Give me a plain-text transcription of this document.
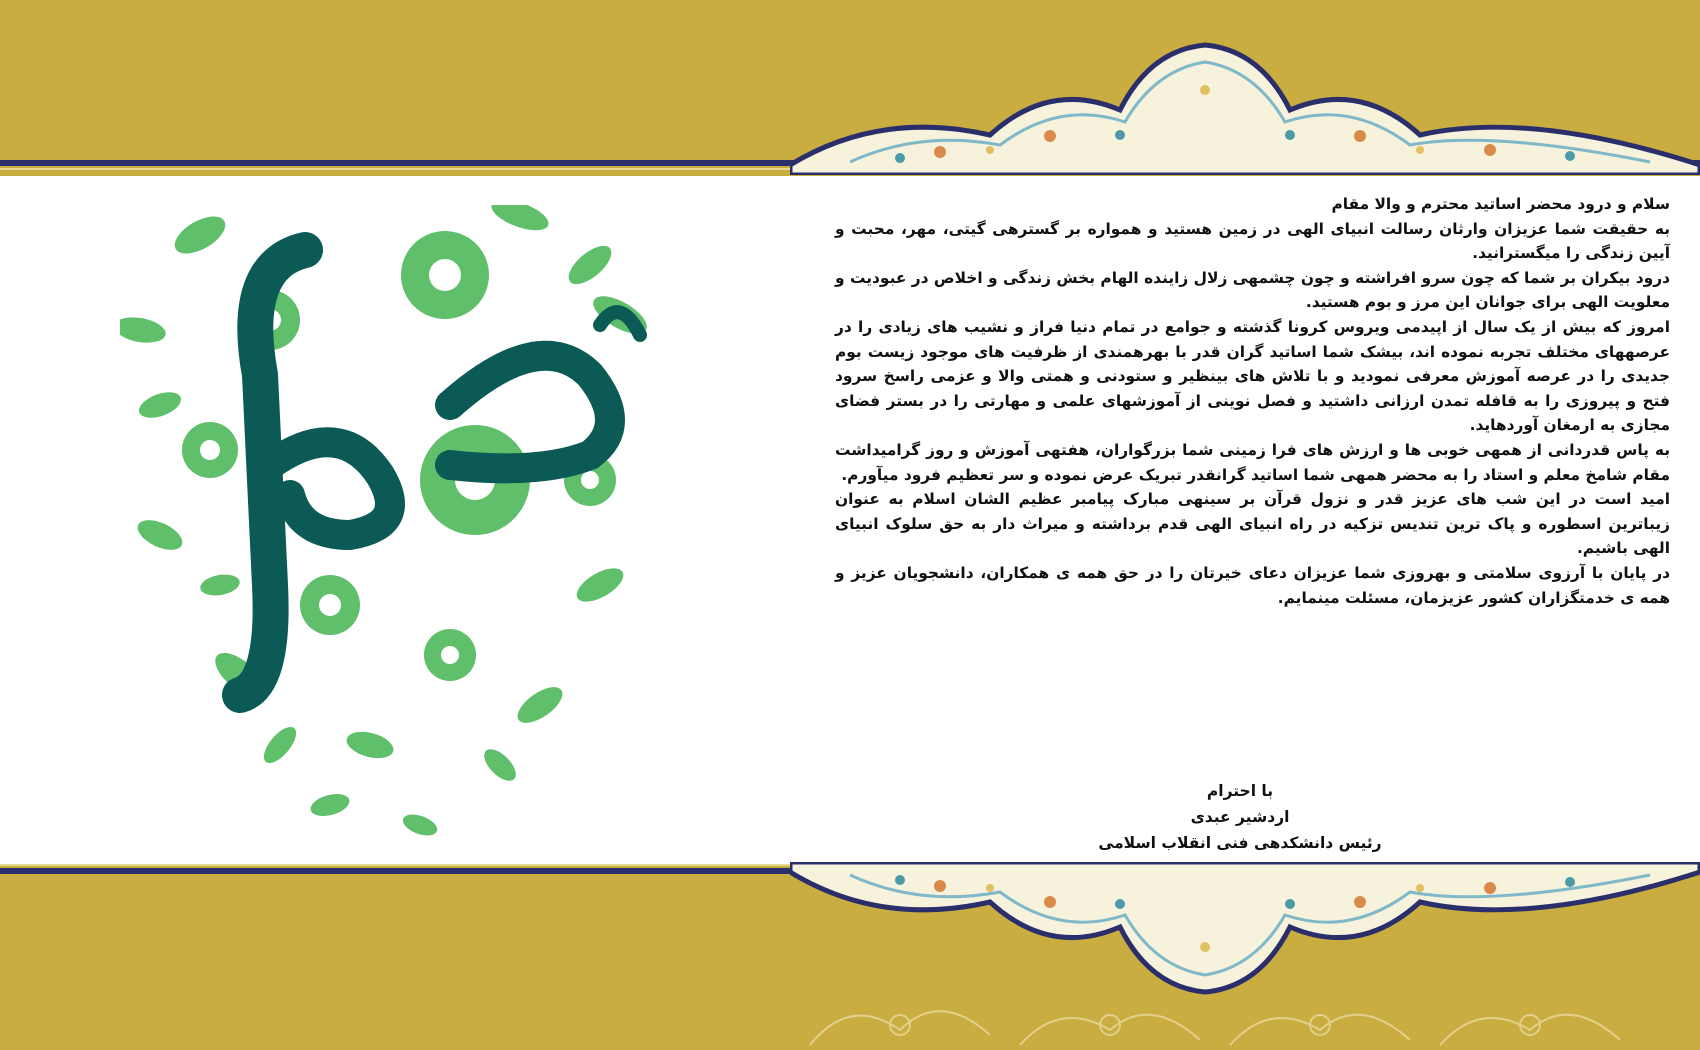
سلام و درود محضر اساتید محترم و والا مقام

به حقیقت شما عزیزان وارثان رسالت انبیای الهی در زمین هستید و همواره بر گسترهی گیتی، مهر، محبت و آیین زندگی را میگسترانید.

درود بیکران بر شما که چون سرو افراشته و چون چشمهی زلال زاینده الهام بخش زندگی و اخلاص در عبودیت و معلویت الهی برای جوانان این مرز و بوم هستید.

امروز که بیش از یک سال از اپیدمی ویروس کرونا گذشته و جوامع در تمام دنیا فراز و نشیب های زیادی را در عرصههای مختلف تجربه نموده اند، بیشک شما اساتید گران قدر با بهرهمندی از ظرفیت های موجود زیست بوم جدیدی را در عرصه آموزش معرفی نمودید و با تلاش های بینظیر و ستودنی و همتی والا و عزمی راسخ سرود فتح و پیروزی را به قافله تمدن ارزانی داشتید و فصل نوینی از آموزشهای علمی و مهارتی را در بستر فضای مجازی به ارمغان آوردهاید.

به پاس قدردانی از همهی خوبی ها و ارزش های فرا زمینی شما بزرگواران، هفتهی آموزش و روز گرامیداشت مقام شامخ معلم و استاد را به محضر همهی شما اساتید گرانقدر تبریک عرض نموده و سر تعظیم فرود میآورم.

امید است در این شب های عزیز قدر و نزول قرآن بر سینهی مبارک پیامبر عظیم الشان اسلام به عنوان زیباترین اسطوره و پاک ترین تندیس تزکیه در راه انبیای الهی قدم برداشته و میراث دار به حق سلوک انبیای الهی باشیم.

در پایان با آرزوی سلامتی و بهروزی شما عزیزان دعای خیرتان را در حق همه ی همکاران، دانشجویان عزیز و همه ی خدمتگزاران کشور عزیزمان، مسئلت مینمایم.

با احترام

اردشیر عبدی

رئیس دانشکدهی فنی انقلاب اسلامی
